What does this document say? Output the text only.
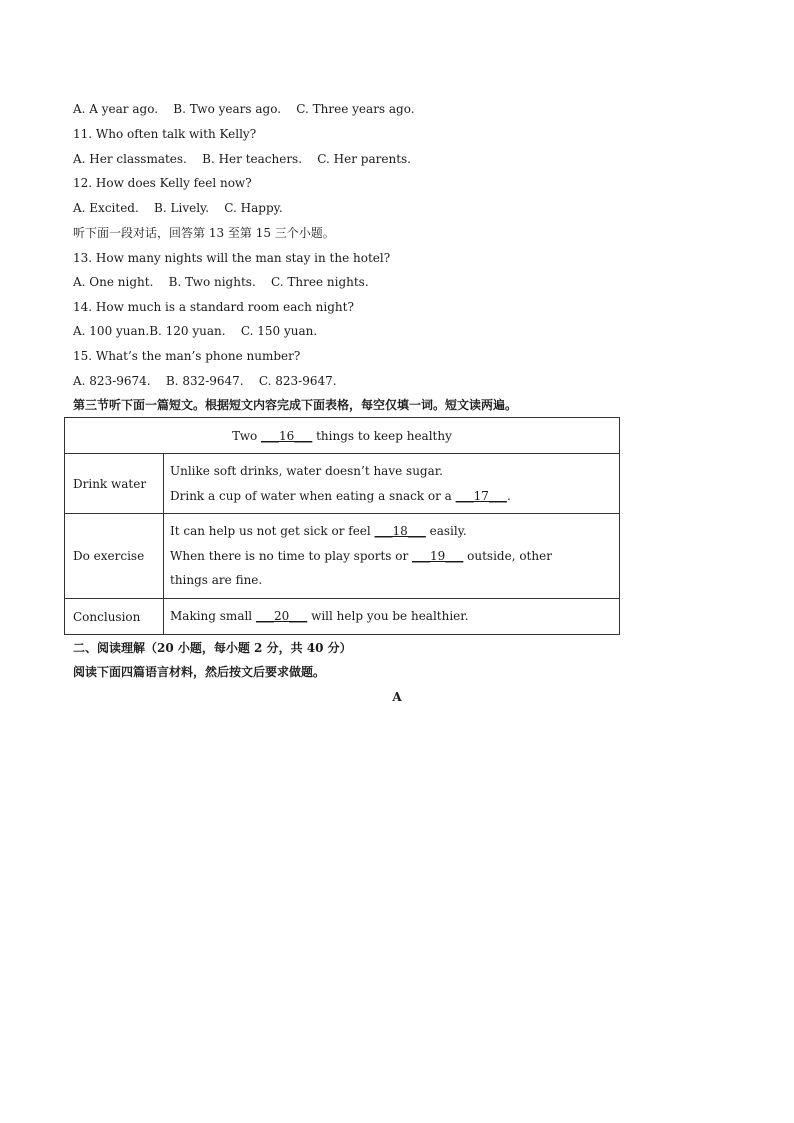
A. A year ago.    B. Two years ago.    C. Three years ago.
11. Who often talk with Kelly?
A. Her classmates.    B. Her teachers.    C. Her parents.
12. How does Kelly feel now?
A. Excited.    B. Lively.    C. Happy.
听下面一段对话，回答第 13 至第 15 三个小题。
13. How many nights will the man stay in the hotel?
A. One night.    B. Two nights.    C. Three nights.
14. How much is a standard room each night?
A. 100 yuan.B. 120 yuan.    C. 150 yuan.
15. What’s the man’s phone number?
A. 823-9674.    B. 832-9647.    C. 823-9647.
第三节听下面一篇短文。根据短文内容完成下面表格，每空仅填一词。短文读两遍。
Two ___16___ things to keep healthy	
Drink water	Unlike soft drinks, water doesn’t have sugar.

Drink a cup of water when eating a snack or a ___17___.

Do exercise	It can help us not get sick or feel ___18___ easily.

When there is no time to play sports or ___19___ outside, other

things are fine.

Conclusion	Making small ___20___ will help you be healthier.

二、阅读理解（20 小题，每小题 2 分，共 40 分）
阅读下面四篇语言材料，然后按文后要求做题。
A
